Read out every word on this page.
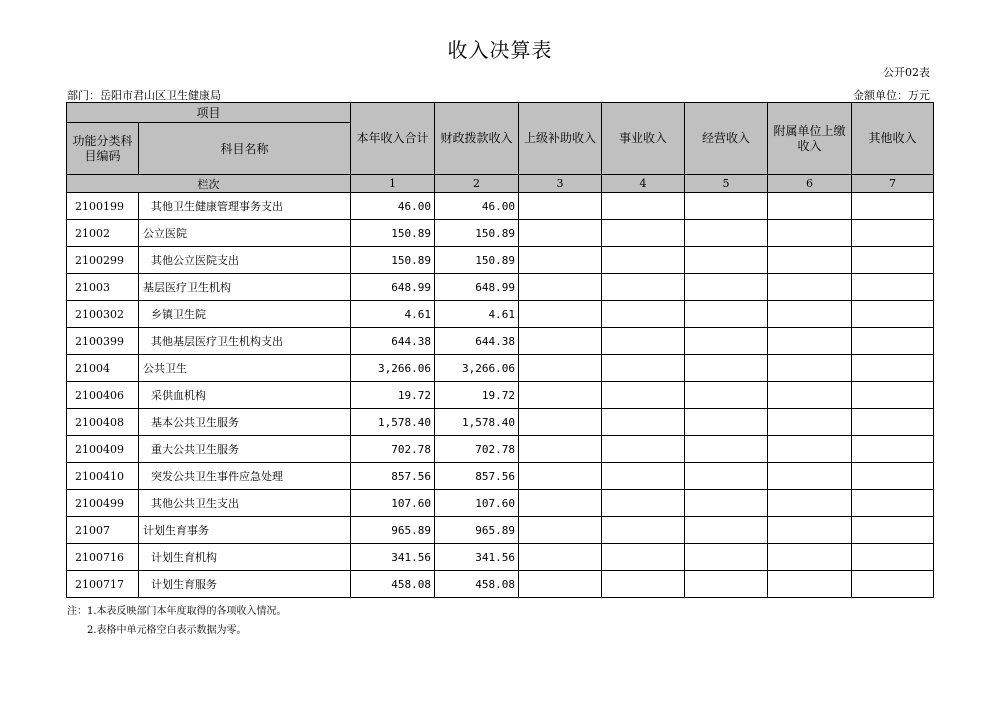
收入决算表
公开02表
部门：岳阳市君山区卫生健康局	金额单位：万元
项目		本年收入合计	财政拨款收入	上级补助收入	事业收入	经营收入	附属单位上缴收入	其他收入
功能分类科目编码	科目名称							
栏次		1	2	3	4	5	6	7
2100199	其他卫生健康管理事务支出	46.00	46.00					
21002	公立医院	150.89	150.89					
2100299	其他公立医院支出	150.89	150.89					
21003	基层医疗卫生机构	648.99	648.99					
2100302	乡镇卫生院	4.61	4.61					
2100399	其他基层医疗卫生机构支出	644.38	644.38					
21004	公共卫生	3,266.06	3,266.06					
2100406	采供血机构	19.72	19.72					
2100408	基本公共卫生服务	1,578.40	1,578.40					
2100409	重大公共卫生服务	702.78	702.78					
2100410	突发公共卫生事件应急处理	857.56	857.56					
2100499	其他公共卫生支出	107.60	107.60					
21007	计划生育事务	965.89	965.89					
2100716	计划生育机构	341.56	341.56					
2100717	计划生育服务	458.08	458.08					
注：1.本表反映部门本年度取得的各项收入情况。
2.表格中单元格空白表示数据为零。
